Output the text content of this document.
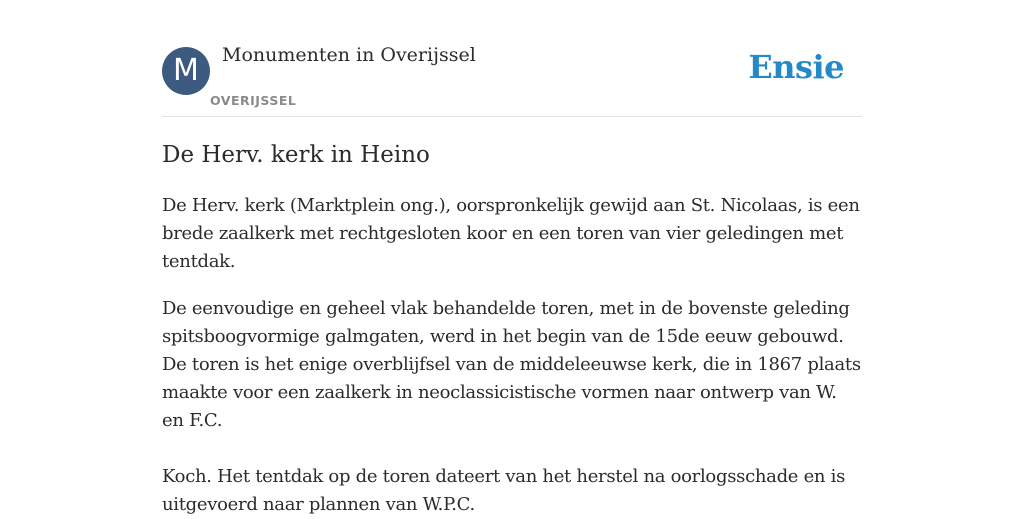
M	Monumenten in Overijssel
OVERIJSSEL
Ensie
De Herv. kerk in Heino

De Herv. kerk (Marktplein ong.), oorspronkelijk gewijd aan St. Nicolaas, is een brede zaalkerk met rechtgesloten koor en een toren van vier geledingen met tentdak.

De eenvoudige en geheel vlak behandelde toren, met in de bovenste geleding spitsboogvormige galmgaten, werd in het begin van de 15de eeuw gebouwd. De toren is het enige overblijfsel van de middeleeuwse kerk, die in 1867 plaats maakte voor een zaalkerk in neoclassicistische vormen naar ontwerp van W. en F.C.

Koch. Het tentdak op de toren dateert van het herstel na oorlogsschade en is uitgevoerd naar plannen van W.P.C.
